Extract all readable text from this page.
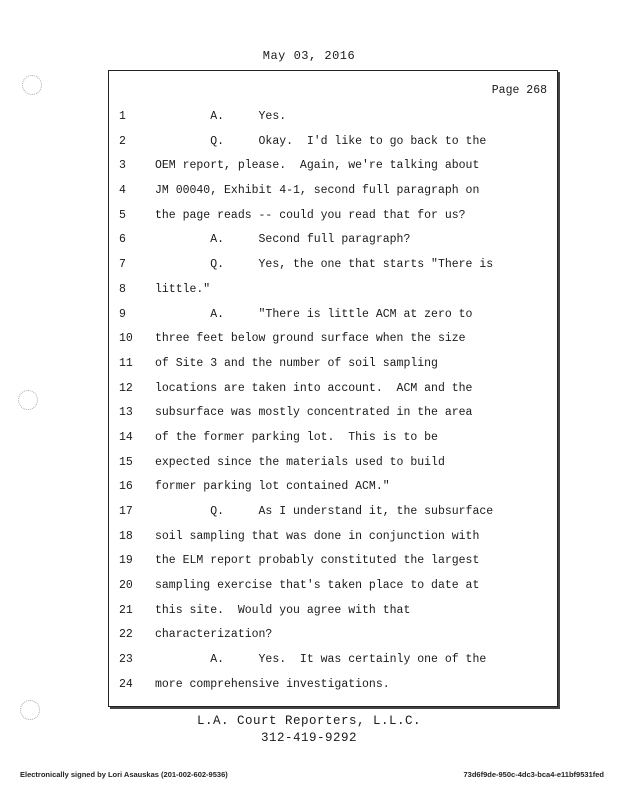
May 03, 2016
Page 268
1	A.     Yes.
2	Q.     Okay.  I'd like to go back to the
3	OEM report, please.  Again, we're talking about
4	JM 00040, Exhibit 4-1, second full paragraph on
5	the page reads -- could you read that for us?
6	A.     Second full paragraph?
7	Q.     Yes, the one that starts "There is
8	little."
9	A.     "There is little ACM at zero to
10 three feet below ground surface when the size
11 of Site 3 and the number of soil sampling
12 locations are taken into account.  ACM and the
13 subsurface was mostly concentrated in the area
14 of the former parking lot.  This is to be
15 expected since the materials used to build
16 former parking lot contained ACM."
17 Q.     As I understand it, the subsurface
18 soil sampling that was done in conjunction with
19 the ELM report probably constituted the largest
20 sampling exercise that's taken place to date at
21 this site.  Would you agree with that
22 characterization?
23 A.     Yes.  It was certainly one of the
24 more comprehensive investigations.
L.A. Court Reporters, L.L.C.
312-419-9292
Electronically signed by Lori Asauskas (201-002-602-9536)	73d6f9de-950c-4dc3-bca4-e11bf9531fed
